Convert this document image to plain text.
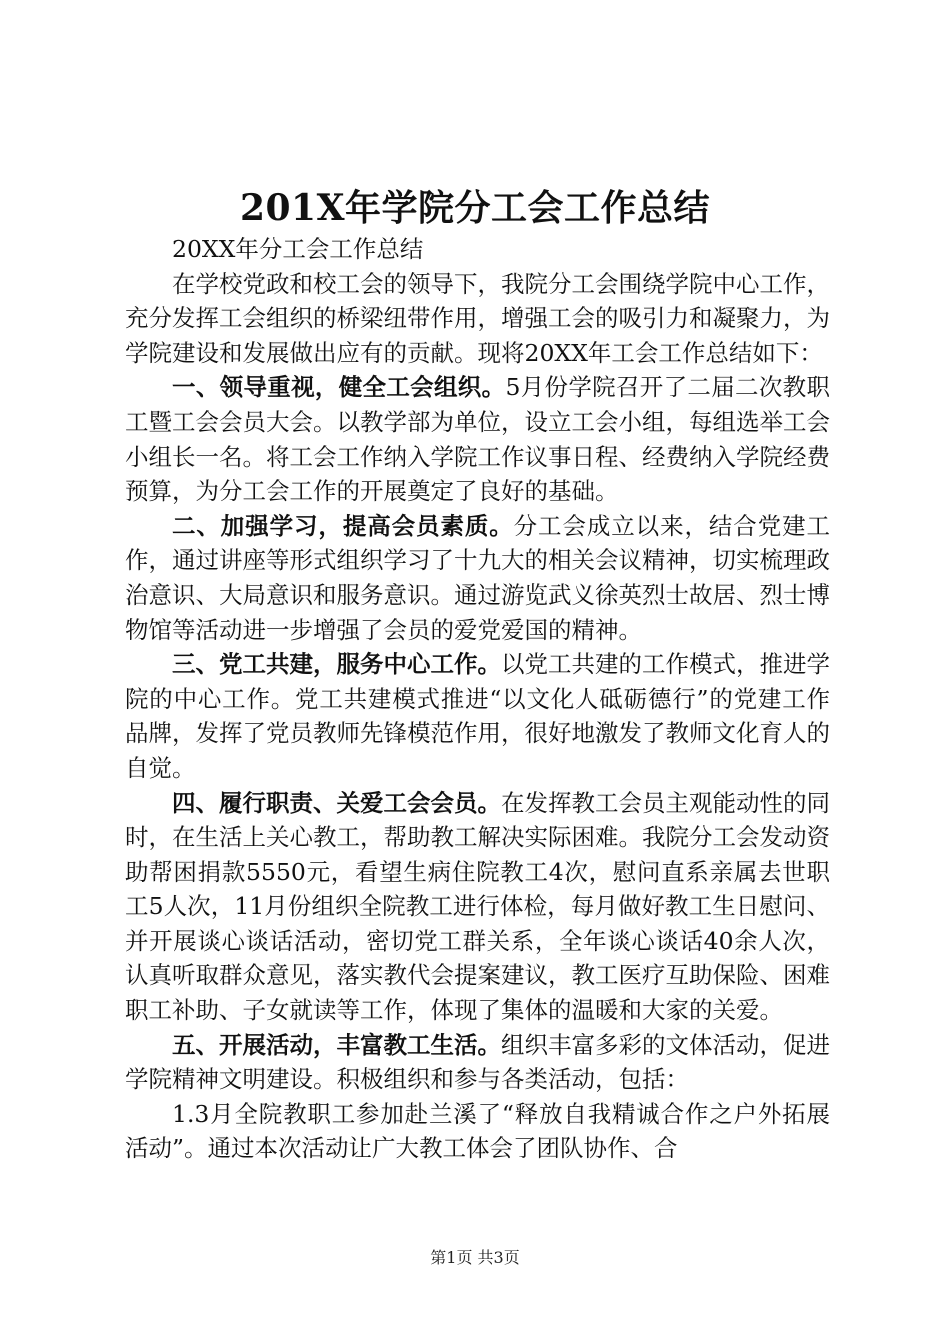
201X年学院分工会工作总结

20XX年分工会工作总结

在学校党政和校工会的领导下，我院分工会围绕学院中心工作，充分发挥工会组织的桥梁纽带作用，增强工会的吸引力和凝聚力，为学院建设和发展做出应有的贡献。现将20XX年工会工作总结如下：

一、领导重视，健全工会组织。5月份学院召开了二届二次教职工暨工会会员大会。以教学部为单位，设立工会小组，每组选举工会小组长一名。将工会工作纳入学院工作议事日程、经费纳入学院经费预算，为分工会工作的开展奠定了良好的基础。

二、加强学习，提高会员素质。分工会成立以来，结合党建工作，通过讲座等形式组织学习了十九大的相关会议精神，切实梳理政治意识、大局意识和服务意识。通过游览武义徐英烈士故居、烈士博物馆等活动进一步增强了会员的爱党爱国的精神。

三、党工共建，服务中心工作。以党工共建的工作模式，推进学院的中心工作。党工共建模式推进“以文化人砥砺德行”的党建工作品牌，发挥了党员教师先锋模范作用，很好地激发了教师文化育人的自觉。

四、履行职责、关爱工会会员。在发挥教工会员主观能动性的同时，在生活上关心教工，帮助教工解决实际困难。我院分工会发动资助帮困捐款5550元，看望生病住院教工4次，慰问直系亲属去世职工5人次，11月份组织全院教工进行体检，每月做好教工生日慰问、并开展谈心谈话活动，密切党工群关系，全年谈心谈话40余人次，认真听取群众意见，落实教代会提案建议，教工医疗互助保险、困难职工补助、子女就读等工作，体现了集体的温暖和大家的关爱。

五、开展活动，丰富教工生活。组织丰富多彩的文体活动，促进学院精神文明建设。积极组织和参与各类活动，包括：

1.3月全院教职工参加赴兰溪了“释放自我精诚合作之户外拓展活动”。通过本次活动让广大教工体会了团队协作、合

第1页 共3页
